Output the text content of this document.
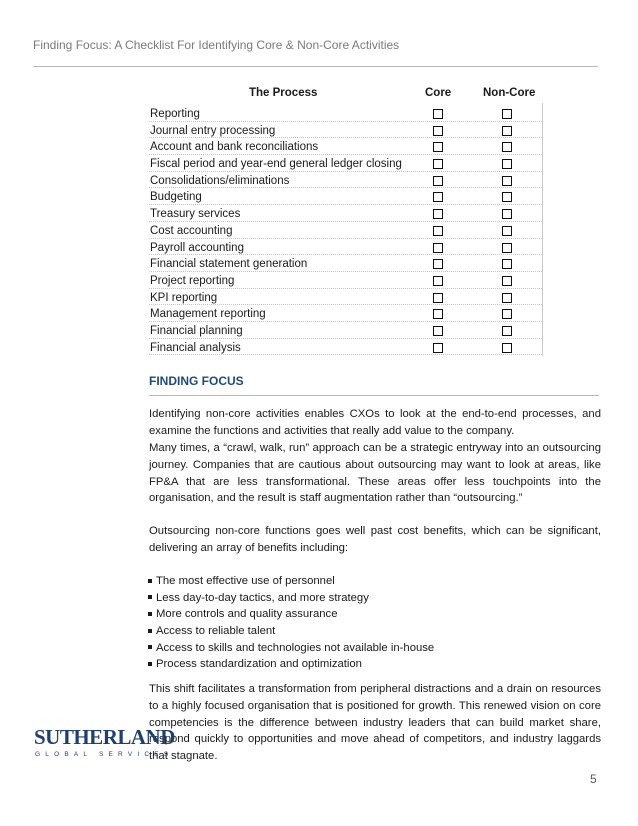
Finding Focus: A Checklist For Identifying Core & Non-Core Activities
The Process	Core	Non-Core
Reporting
Journal entry processing
Account and bank reconciliations
Fiscal period and year-end general ledger closing
Consolidations/eliminations
Budgeting
Treasury services
Cost accounting
Payroll accounting
Financial statement generation
Project reporting
KPI reporting
Management reporting
Financial planning
Financial analysis
FINDING FOCUS

Identifying non-core activities enables CXOs to look at the end-to-end processes, and examine the functions and activities that really add value to the company.

Many times, a “crawl, walk, run” approach can be a strategic entryway into an outsourcing journey. Companies that are cautious about outsourcing may want to look at areas, like FP&A that are less transformational. These areas offer less touchpoints into the organisation, and the result is staff augmentation rather than “outsourcing.”

Outsourcing non-core functions goes well past cost benefits, which can be significant, delivering an array of benefits including:

The most effective use of personnel
Less day-to-day tactics, and more strategy
More controls and quality assurance
Access to reliable talent
Access to skills and technologies not available in-house
Process standardization and optimization

This shift facilitates a transformation from peripheral distractions and a drain on resources to a highly focused organisation that is positioned for growth. This renewed vision on core competencies is the difference between industry leaders that can build market share, respond quickly to opportunities and move ahead of competitors, and industry laggards that stagnate.

SUTHERLAND
GLOBAL SERVICES
5
